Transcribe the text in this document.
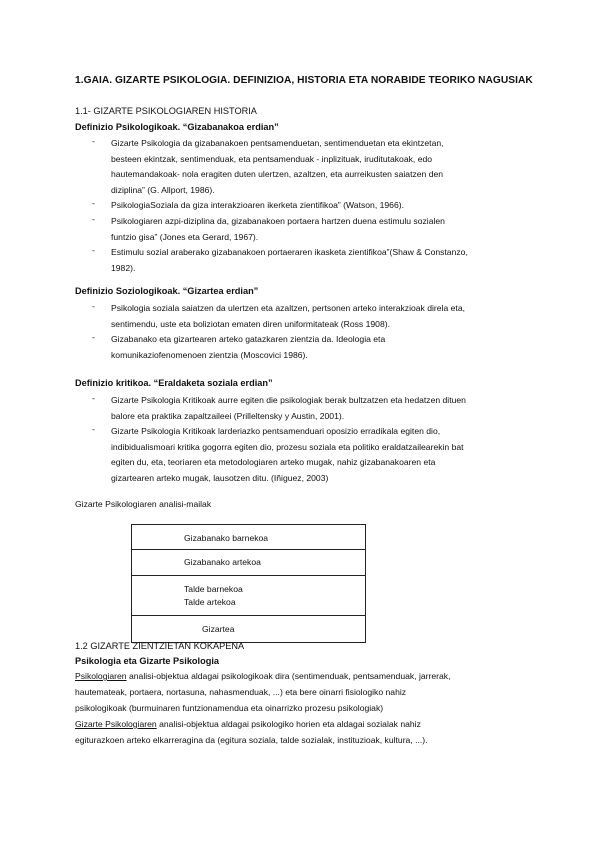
1.GAIA. GIZARTE PSIKOLOGIA. DEFINIZIOA, HISTORIA ETA NORABIDE TEORIKO NAGUSIAK
1.1- GIZARTE PSIKOLOGIAREN HISTORIA
Definizio Psikologikoak. “Gizabanakoa erdian”
- Gizarte Psikologia da gizabanakoen pentsamenduetan, sentimenduetan eta ekintzetan,
besteen ekintzak, sentimenduak, eta pentsamenduak - inplizituak, iruditutakoak, edo
hautemandakoak- nola eragiten duten ulertzen, azaltzen, eta aurreikusten saiatzen den
diziplina” (G. Allport, 1986).
- PsikologiaSoziala da giza interakzioaren ikerketa zientifikoa” (Watson, 1966).
- Psikologiaren azpi-diziplina da, gizabanakoen portaera hartzen duena estimulu sozialen
funtzio gisa” (Jones eta Gerard, 1967).
- Estimulu sozial araberako gizabanakoen portaeraren ikasketa zientifikoa”(Shaw & Constanzo,
1982).
Definizio Soziologikoak. “Gizartea erdian”
- Psikologia soziala saiatzen da ulertzen eta azaltzen, pertsonen arteko interakzioak direla eta,
sentimendu, uste eta boliziotan ematen diren uniformitateak (Ross 1908).
- Gizabanako eta gizartearen arteko gatazkaren zientzia da. Ideologia eta
komunikaziofenomenoen zientzia (Moscovici 1986).
Definizio kritikoa. “Eraldaketa soziala erdian”
- Gizarte Psikologia Kritikoak aurre egiten die psikologiak berak bultzatzen eta hedatzen dituen
balore eta praktika zapaltzaileei (Prilleltensky y Austin, 2001).
- Gizarte Psikologia Kritikoak larderiazko pentsamenduari oposizio erradikala egiten dio,
indibidualismoari kritika gogorra egiten dio, prozesu soziala eta politiko eraldatzailearekin bat
egiten du, eta, teoriaren eta metodologiaren arteko mugak, nahiz gizabanakoaren eta
gizartearen arteko mugak, lausotzen ditu. (Iñiguez, 2003)
Gizarte Psikologiaren analisi-mailak
Gizabanako barnekoa
Gizabanako artekoa
Talde barnekoa
Talde artekoa
Gizartea
1.2 GIZARTE ZIENTZIETAN KOKAPENA
Psikologia eta Gizarte Psikologia
Psikologiaren analisi-objektua aldagai psikologikoak dira (sentimenduak, pentsamenduak, jarrerak,
hautemateak, portaera, nortasuna, nahasmenduak, ...) eta bere oinarri fisiologiko nahiz
psikologikoak (burmuinaren funtzionamendua eta oinarrizko prozesu psikologiak)
Gizarte Psikologiaren analisi-objektua aldagai psikologiko horien eta aldagai sozialak nahiz
egiturazkoen arteko elkarreragina da (egitura soziala, talde sozialak, instituzioak, kultura, ...).
